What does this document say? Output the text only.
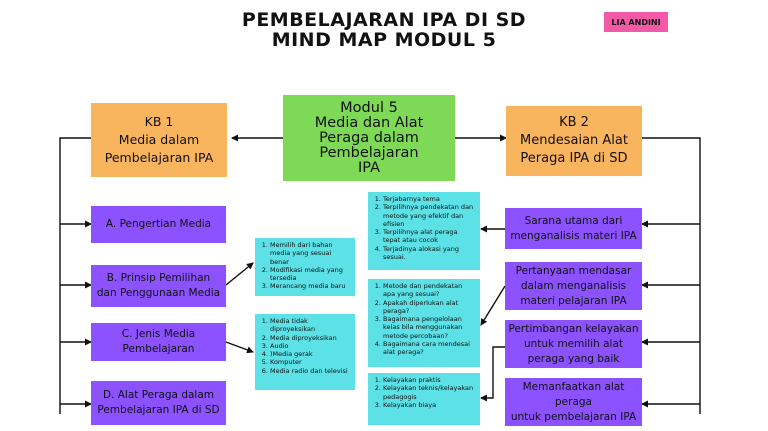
PEMBELAJARAN IPA DI SD
MIND MAP MODUL 5
LIA ANDINI
Modul 5
Media dan Alat
Peraga dalam
Pembelajaran
IPA
KB 1
Media dalam
Pembelajaran IPA
A. Pengertian Media
B. Prinsip Pemilihan
dan Penggunaan Media
C. Jenis Media
Pembelajaran
D. Alat Peraga dalam
Pembelajaran IPA di SD
1. Memilih dari bahan media yang sesuai benar
2. Modifikasi media yang tersedia
3. Merancang media baru
1. Media tidak diproyeksikan
2. Media diproyeksikan
3. Audio
4. )Media gerak
5. Komputer
6. Media radio dan televisi
KB 2
Mendesaian Alat
Peraga IPA di SD
Sarana utama dari
menganalisis materi IPA
Pertanyaan mendasar
dalam menganalisis
materi pelajaran IPA
Pertimbangan kelayakan
untuk memilih alat
peraga yang baik
Memanfaatkan alat
peraga
untuk pembelajaran IPA
1. Terjabarnya tema
2. Terpilihnya pendekatan dan metode yang efektif dan efisien
3. Terpilihnya alat peraga tepat atau cocok
4. Terjadinya alokasi yang sesuai.
1. Metode dan pendekatan apa yang sesuai?
2. Apakah diperlukan alat peraga?
3. Bagaimana pengelolaan kelas bila menggunakan metode percobaan?
4. Bagaimana cara mendesai alat peraga?
1. Kelayakan praktis
2. Kelayakan teknis/kelayakan pedagogis
3. Kelayakan biaya
